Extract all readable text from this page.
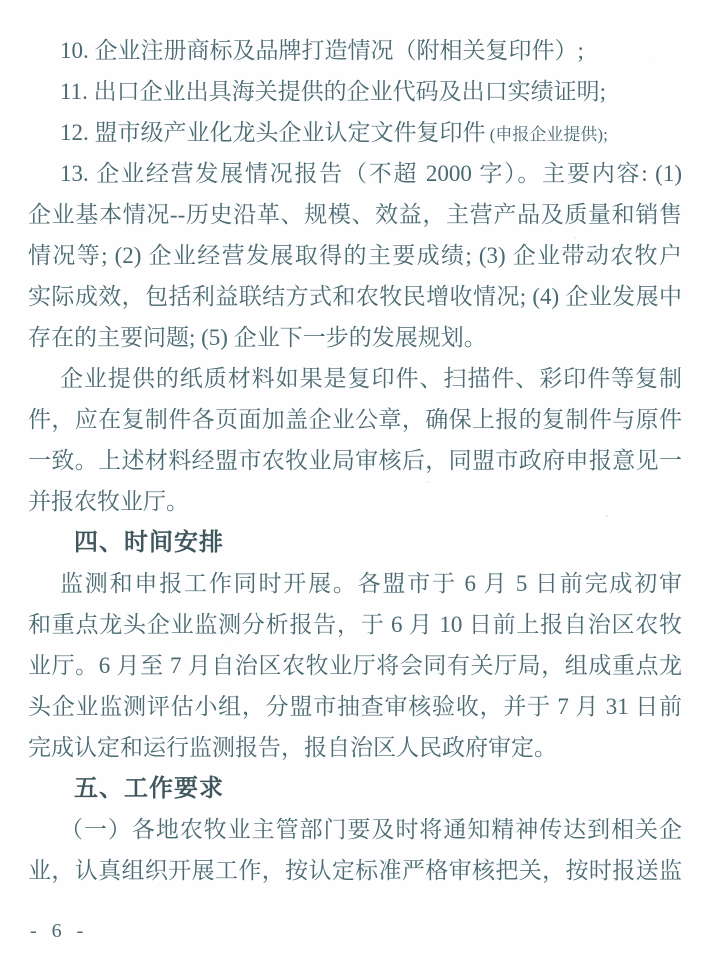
10. 企业注册商标及品牌打造情况（附相关复印件）;
11. 出口企业出具海关提供的企业代码及出口实绩证明;
12. 盟市级产业化龙头企业认定文件复印件 (申报企业提供);
13. 企业经营发展情况报告（不超 2000 字）。主要内容: (1)
企业基本情况--历史沿革、规模、效益，主营产品及质量和销售
情况等; (2) 企业经营发展取得的主要成绩; (3) 企业带动农牧户
实际成效，包括利益联结方式和农牧民增收情况; (4) 企业发展中
存在的主要问题; (5) 企业下一步的发展规划。
企业提供的纸质材料如果是复印件、扫描件、彩印件等复制
件，应在复制件各页面加盖企业公章，确保上报的复制件与原件
一致。上述材料经盟市农牧业局审核后，同盟市政府申报意见一
并报农牧业厅。
四、时间安排
监测和申报工作同时开展。各盟市于 6 月 5 日前完成初审
和重点龙头企业监测分析报告，于 6 月 10 日前上报自治区农牧
业厅。6 月至 7 月自治区农牧业厅将会同有关厅局，组成重点龙
头企业监测评估小组，分盟市抽查审核验收，并于 7 月 31 日前
完成认定和运行监测报告，报自治区人民政府审定。
五、工作要求
（一）各地农牧业主管部门要及时将通知精神传达到相关企
业，认真组织开展工作，按认定标准严格审核把关，按时报送监
- 6 -
